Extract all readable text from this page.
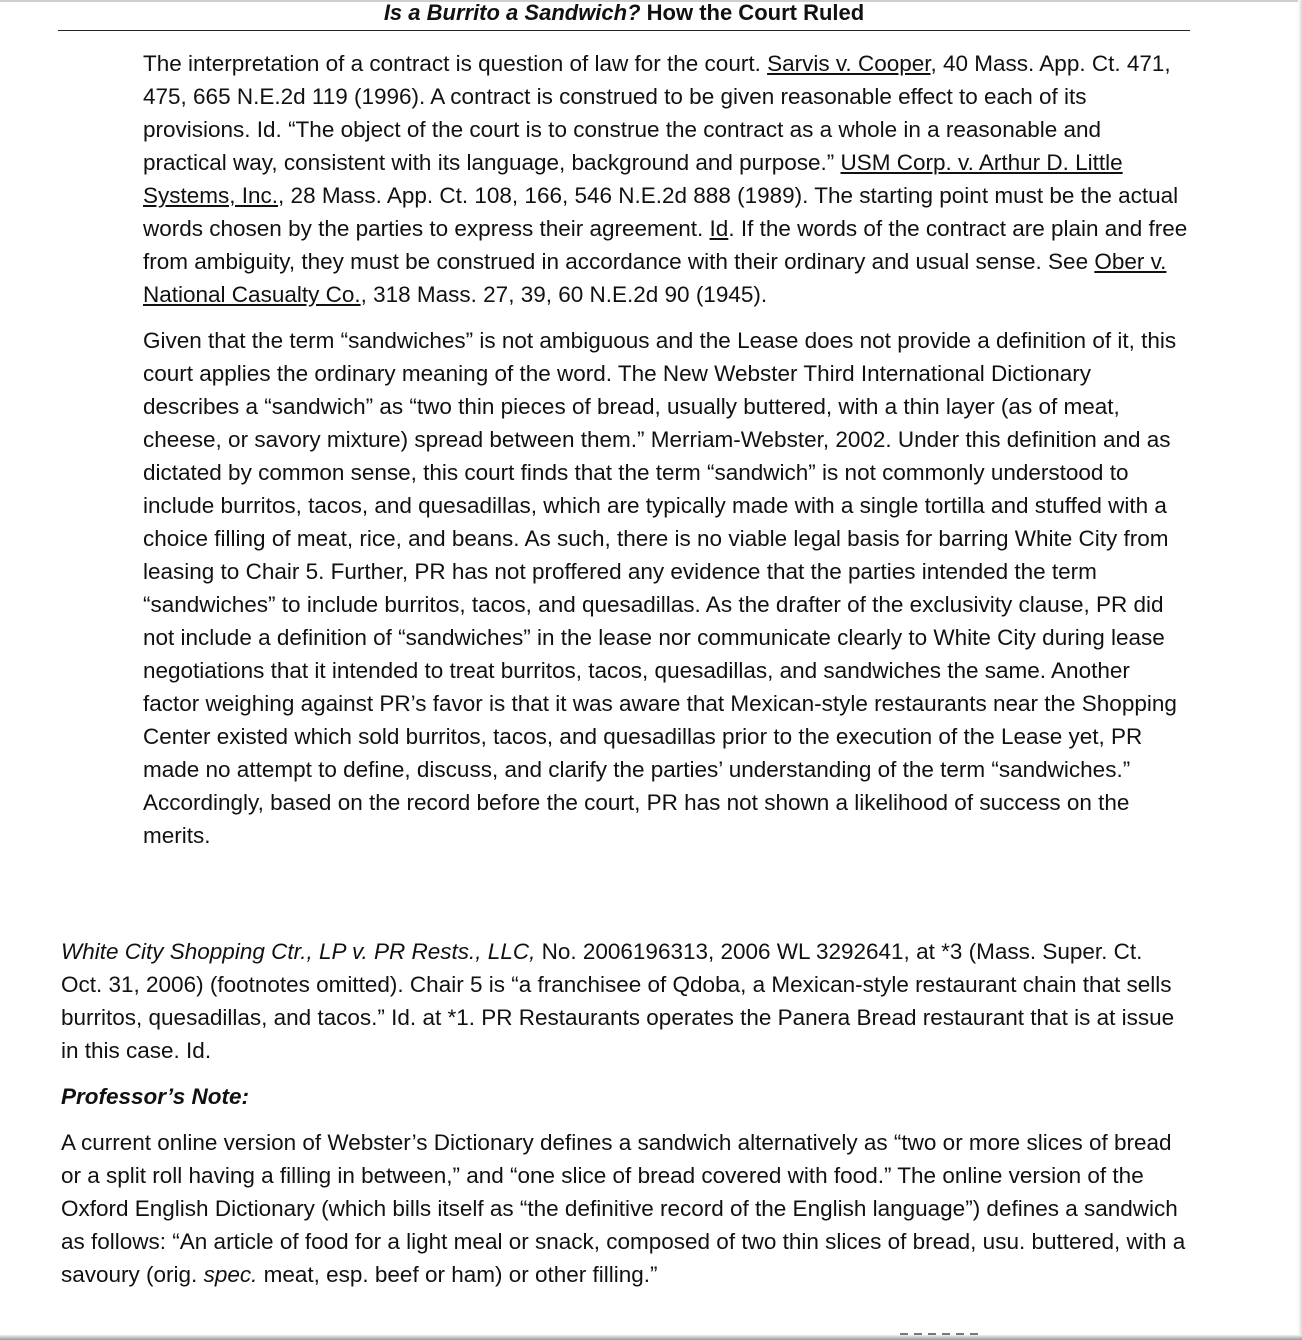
Is a Burrito a Sandwich? How the Court Ruled

The interpretation of a contract is question of law for the court. Sarvis v. Cooper, 40 Mass. App. Ct. 471, 475, 665 N.E.2d 119 (1996). A contract is construed to be given reasonable effect to each of its provisions. Id. “The object of the court is to construe the contract as a whole in a reasonable and practical way, consistent with its language, background and purpose.” USM Corp. v. Arthur D. Little Systems, Inc., 28 Mass. App. Ct. 108, 166, 546 N.E.2d 888 (1989). The starting point must be the actual words chosen by the parties to express their agreement. Id. If the words of the contract are plain and free from ambiguity, they must be construed in accordance with their ordinary and usual sense. See Ober v. National Casualty Co., 318 Mass. 27, 39, 60 N.E.2d 90 (1945).

Given that the term “sandwiches” is not ambiguous and the Lease does not provide a definition of it, this court applies the ordinary meaning of the word. The New Webster Third International Dictionary describes a “sandwich” as “two thin pieces of bread, usually buttered, with a thin layer (as of meat, cheese, or savory mixture) spread between them.” Merriam-Webster, 2002. Under this definition and as dictated by common sense, this court finds that the term “sandwich” is not commonly understood to include burritos, tacos, and quesadillas, which are typically made with a single tortilla and stuffed with a choice filling of meat, rice, and beans. As such, there is no viable legal basis for barring White City from leasing to Chair 5. Further, PR has not proffered any evidence that the parties intended the term “sandwiches” to include burritos, tacos, and quesadillas. As the drafter of the exclusivity clause, PR did not include a definition of “sandwiches” in the lease nor communicate clearly to White City during lease negotiations that it intended to treat burritos, tacos, quesadillas, and sandwiches the same. Another factor weighing against PR’s favor is that it was aware that Mexican-style restaurants near the Shopping Center existed which sold burritos, tacos, and quesadillas prior to the execution of the Lease yet, PR made no attempt to define, discuss, and clarify the parties’ understanding of the term “sandwiches.” Accordingly, based on the record before the court, PR has not shown a likelihood of success on the merits.

White City Shopping Ctr., LP v. PR Rests., LLC, No. 2006196313, 2006 WL 3292641, at *3 (Mass. Super. Ct. Oct. 31, 2006) (footnotes omitted). Chair 5 is “a franchisee of Qdoba, a Mexican-style restaurant chain that sells burritos, quesadillas, and tacos.” Id. at *1. PR Restaurants operates the Panera Bread restaurant that is at issue in this case. Id.

Professor’s Note:

A current online version of Webster’s Dictionary defines a sandwich alternatively as “two or more slices of bread or a split roll having a filling in between,” and “one slice of bread covered with food.” The online version of the Oxford English Dictionary (which bills itself as “the definitive record of the English language”) defines a sandwich as follows: “An article of food for a light meal or snack, composed of two thin slices of bread, usu. buttered, with a savoury (orig. spec. meat, esp. beef or ham) or other filling.”
